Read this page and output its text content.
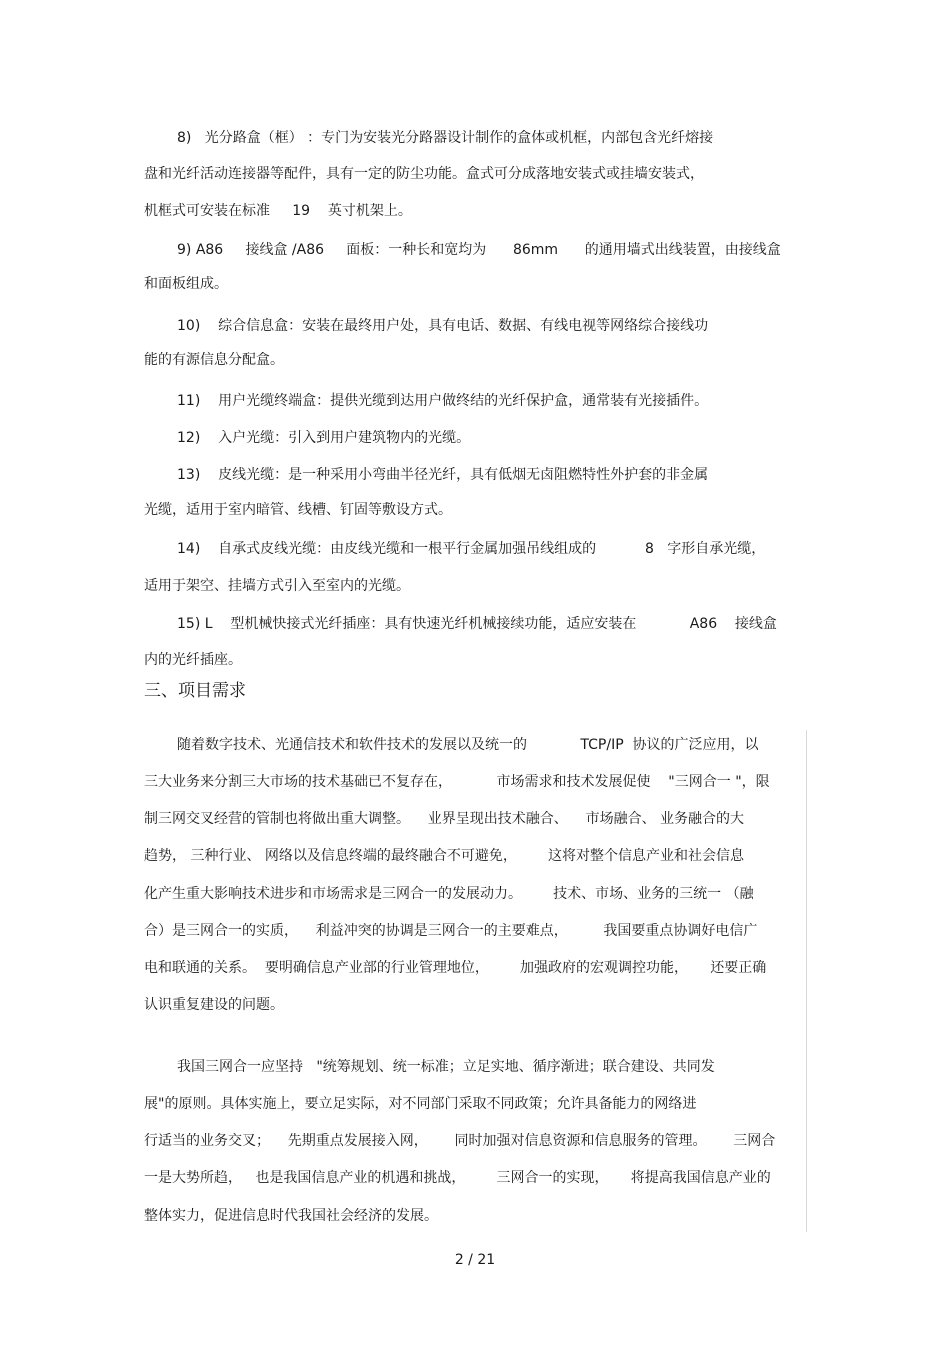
8)   光分路盒（框） ：专门为安装光分路器设计制作的盒体或机框，内部包含光纤熔接
盘和光纤活动连接器等配件，具有一定的防尘功能。盒式可分成落地安装式或挂墙安装式，
机框式可安装在标准     19    英寸机架上。
9) A86     接线盒 /A86     面板：一种长和宽均为      86mm      的通用墙式出线装置，由接线盒
和面板组成。
10)    综合信息盒：安装在最终用户处，具有电话、数据、有线电视等网络综合接线功
能的有源信息分配盒。
11)    用户光缆终端盒：提供光缆到达用户做终结的光纤保护盒，通常装有光接插件。
12)    入户光缆：引入到用户建筑物内的光缆。
13)    皮线光缆：是一种采用小弯曲半径光纤，具有低烟无卤阻燃特性外护套的非金属
光缆，适用于室内暗管、线槽、钉固等敷设方式。
14)    自承式皮线光缆：由皮线光缆和一根平行金属加强吊线组成的           8   字形自承光缆，
适用于架空、挂墙方式引入至室内的光缆。
15) L    型机械快接式光纤插座：具有快速光纤机械接续功能，适应安装在            A86    接线盒
内的光纤插座。
随着数字技术、光通信技术和软件技术的发展以及统一的            TCP/IP  协议的广泛应用，以
三大业务来分割三大市场的技术基础已不复存在，          市场需求和技术发展促使    "三网合一 "，限
制三网交叉经营的管制也将做出重大调整。    业界呈现出技术融合、    市场融合、 业务融合的大
趋势， 三种行业、 网络以及信息终端的最终融合不可避免，       这将对整个信息产业和社会信息
化产生重大影响技术进步和市场需求是三网合一的发展动力。       技术、市场、业务的三统一 （融
合）是三网合一的实质，    利益冲突的协调是三网合一的主要难点，        我国要重点协调好电信广
电和联通的关系。  要明确信息产业部的行业管理地位，       加强政府的宏观调控功能，     还要正确
认识重复建设的问题。
我国三网合一应坚持   "统筹规划、统一标准；立足实地、循序渐进；联合建设、共同发
展"的原则。具体实施上，要立足实际，对不同部门采取不同政策；允许具备能力的网络进
行适当的业务交叉；    先期重点发展接入网，      同时加强对信息资源和信息服务的管理。      三网合
一是大势所趋，   也是我国信息产业的机遇和挑战，       三网合一的实现，     将提高我国信息产业的
整体实力，促进信息时代我国社会经济的发展。
三、项目需求
2 / 21
